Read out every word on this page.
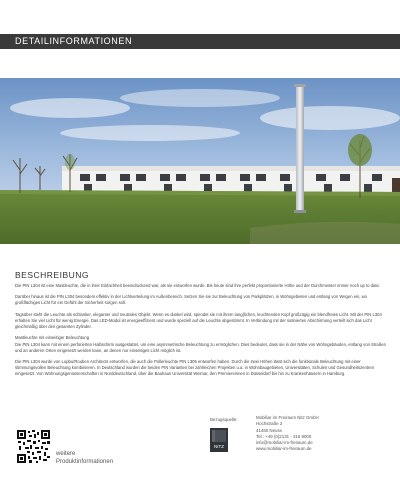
DETAILINFORMATIONEN
BESCHREIBUNG

Die PIN L304 ist eine Mastleuchte, die in ihrer Einfachheit beeindruckend war, als sie entworfen wurde. Bis heute sind ihre perfekt proportionierte Höhe und der Durchmesser immer noch up to date.

Darüber hinaus ist die PIN L304 besonders effektiv in der Lichtverteilung im Außenbereich. Setzen Sie sie zur Beleuchtung von Parkplätzen, in Wohngebieten und entlang von Wegen ein, wo großflächiges Licht für ein Gefühl der Sicherheit sorgen soll.

Tagsüber steht die Leuchte als schlanker, eleganter und neutrales Objekt. Wenn es dunkel wird, spendet sie mit ihrem lang(lichen, leuchtenden Kopf großzügig ein blendfreies Licht. Mit der PIN L304 erhalten Sie viel Licht für wenig Energie. Das LED-Modul ist energieeffizient und wurde speziell auf die Leuchte abgestimmt. In Verbindung mit der satinierten Abschirmung verteilt sich das Licht gleichmäßig über den gesamten Zylinder.

Mastleuchte mit einseitiger Beleuchtung
Die PIN L304 kann mit einem perforierten Halbschirm ausgestattet, um eine asymmetrische Beleuchtung zu ermöglichen. Dies bedeutet, dass sie in der Nähe von Wohngebäuden, entlang von Straßen und an anderen Orten eingesetzt werden kann, an denen nur einseitiges Licht möglich ist.

Die PIN L304 wurde von Lupbu/Rouben Architects entworfen, die auch die Pollerleuchte PIN L305 entworfen haben. Durch die zwei Höhen lässt sich die funktionale Beleuchtung mit einer stimmungsvollen Beleuchtung kombinieren. In Deutschland wurden die beiden PIN Varianten bei zahlreichen Projekten u.a. in Wohnbaugebieten, Universitäten, Schulen und Gesundheitszentren eingesetzt. Von Wohnungsgenossenschaften in Norddeutschland, über die Bauhaus Universität Weimar, den Premiereinnen in Düsseldorf bis hin zu Krankenhäusern in Hamburg.

weitere
Produktinformationen
Bezugsquelle:
NITZ
Mobiliar im Freiraum Nitz GmbH
Hochstraße 2
41460 Neuss
Tel.: +49 (0)2131 - 316 9000
info@mobiliar-im-freiraum.de
www.mobiliar-im-freiraum.de
